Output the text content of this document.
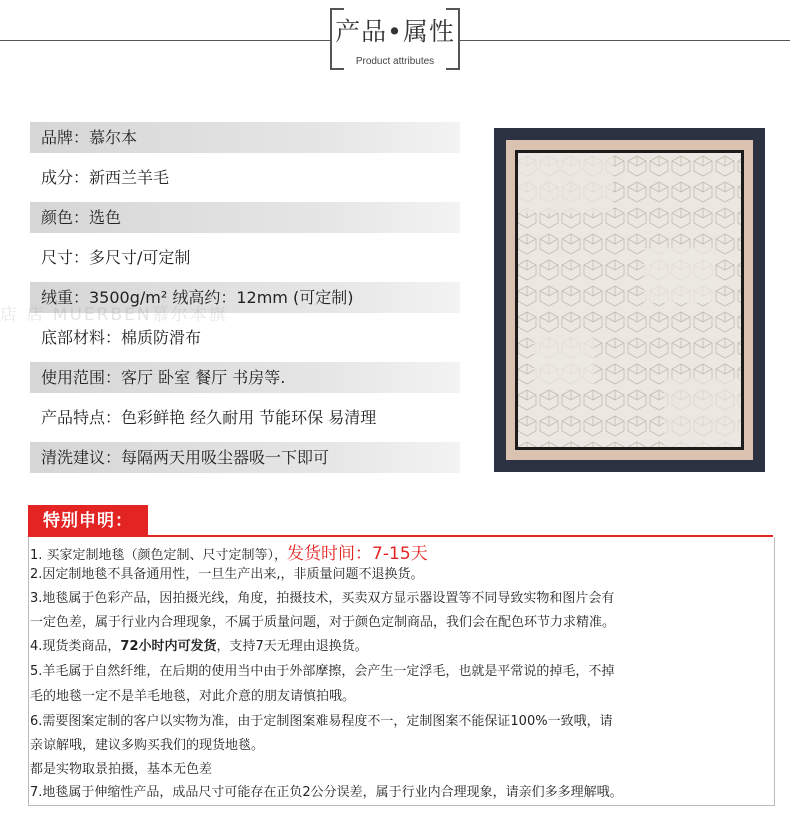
产品•属性
Product attributes
品牌：慕尔本
成分：新西兰羊毛
颜色：选色
尺寸：多尺寸/可定制
绒重：3500g/m² 绒高约：12mm (可定制)
底部材料：棉质防滑布
使用范围：客厅 卧室 餐厅 书房等.
产品特点：色彩鲜艳 经久耐用 节能环保 易清理
清洗建议：每隔两天用吸尘器吸一下即可
店 店 MUERBEN慕尔本旗
特别申明：
1. 买家定制地毯（颜色定制、尺寸定制等），发货时间：7-15天
2.因定制地毯不具备通用性，一旦生产出来,，非质量问题不退换货。
3.地毯属于色彩产品，因拍摄光线，角度，拍摄技术，买卖双方显示器设置等不同导致实物和图片会有
一定色差，属于行业内合理现象，不属于质量问题，对于颜色定制商品，我们会在配色环节力求精准。
4.现货类商品，72小时内可发货，支持7天无理由退换货。
5.羊毛属于自然纤维，在后期的使用当中由于外部摩擦，会产生一定浮毛，也就是平常说的掉毛，不掉
毛的地毯一定不是羊毛地毯，对此介意的朋友请慎拍哦。
6.需要图案定制的客户以实物为准，由于定制图案难易程度不一，定制图案不能保证100%一致哦，请
亲谅解哦，建议多购买我们的现货地毯。
都是实物取景拍摄，基本无色差
7.地毯属于伸缩性产品，成品尺寸可能存在正负2公分误差，属于行业内合理现象，请亲们多多理解哦。
